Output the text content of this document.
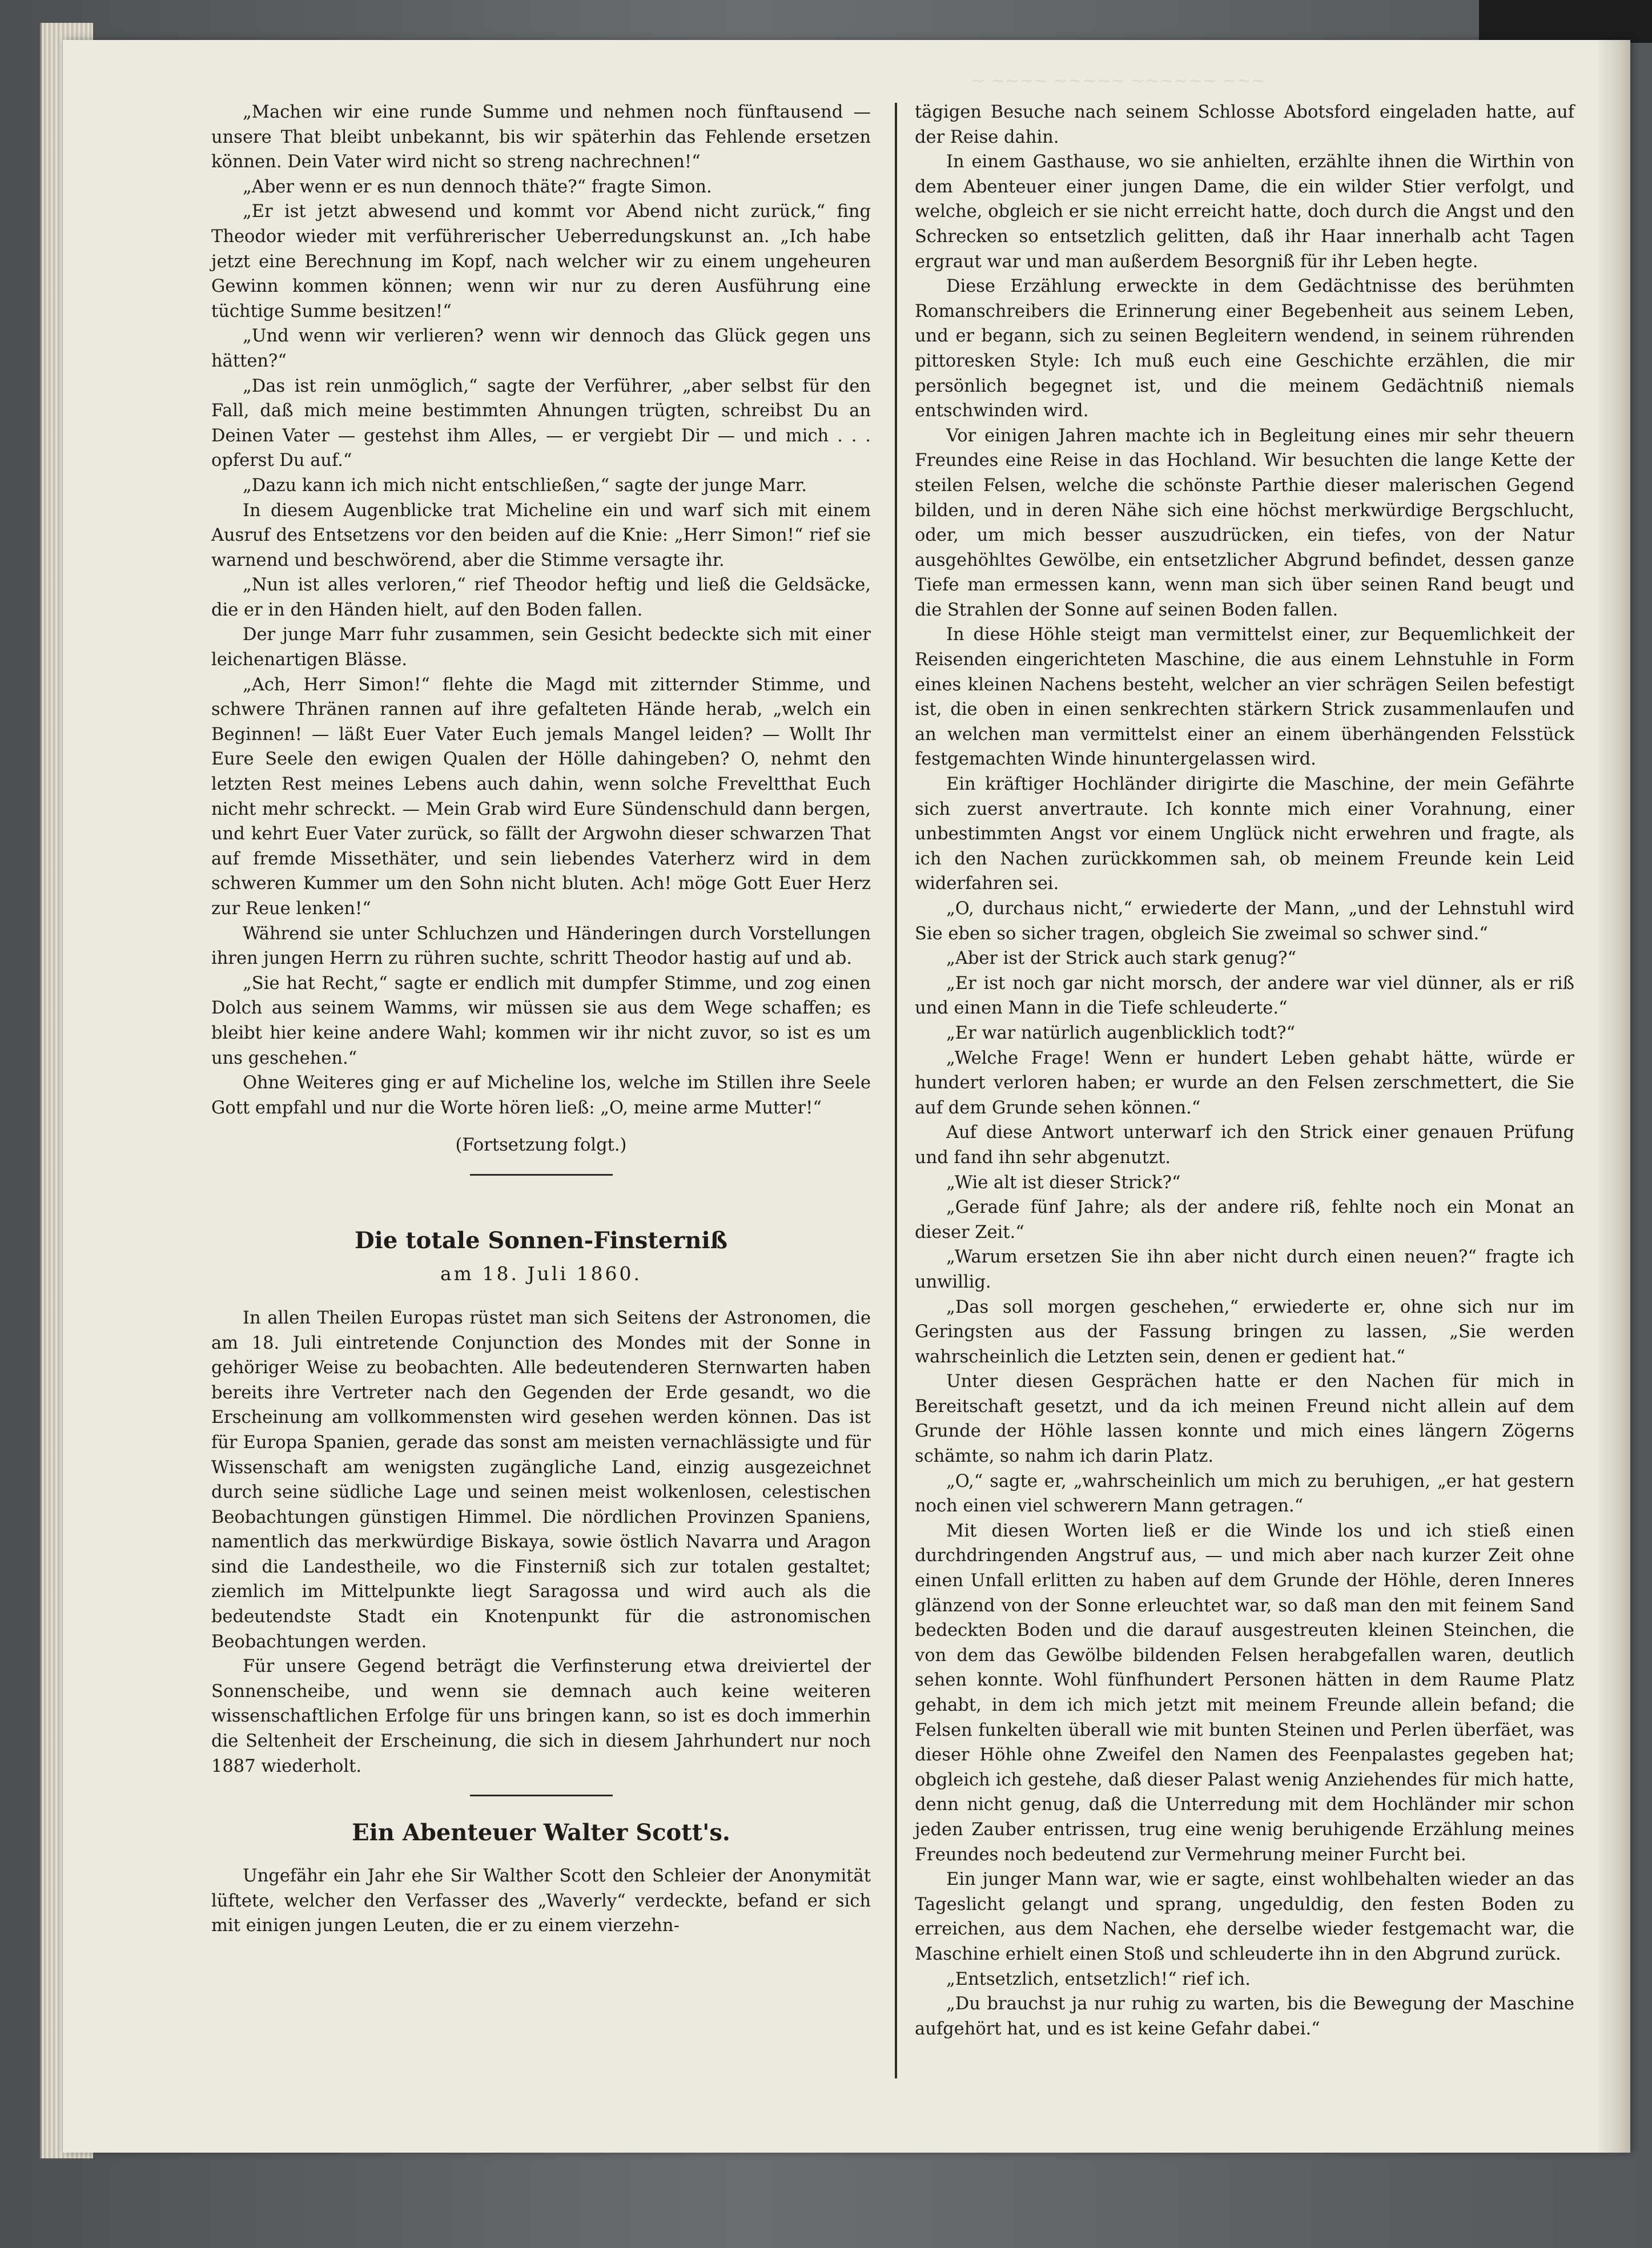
~ ~~~~ ~~~~~ ~~~~~~ ~~~

„Machen wir eine runde Summe und nehmen noch fünftausend — unsere That bleibt unbekannt, bis wir späterhin das Fehlende ersetzen können. Dein Vater wird nicht so streng nachrechnen!“

„Aber wenn er es nun dennoch thäte?“ fragte Simon.

„Er ist jetzt abwesend und kommt vor Abend nicht zurück,“ fing Theodor wieder mit verführerischer Ueberredungskunst an. „Ich habe jetzt eine Berechnung im Kopf, nach welcher wir zu einem ungeheuren Gewinn kommen können; wenn wir nur zu deren Ausführung eine tüchtige Summe besitzen!“

„Und wenn wir verlieren? wenn wir dennoch das Glück gegen uns hätten?“

„Das ist rein unmöglich,“ sagte der Verführer, „aber selbst für den Fall, daß mich meine bestimmten Ahnungen trügten, schreibst Du an Deinen Vater — gestehst ihm Alles, — er vergiebt Dir — und mich . . . opferst Du auf.“

„Dazu kann ich mich nicht entschließen,“ sagte der junge Marr.

In diesem Augenblicke trat Micheline ein und warf sich mit einem Ausruf des Entsetzens vor den beiden auf die Knie: „Herr Simon!“ rief sie warnend und beschwörend, aber die Stimme versagte ihr.

„Nun ist alles verloren,“ rief Theodor heftig und ließ die Geldsäcke, die er in den Händen hielt, auf den Boden fallen.

Der junge Marr fuhr zusammen, sein Gesicht bedeckte sich mit einer leichenartigen Blässe.

„Ach, Herr Simon!“ flehte die Magd mit zitternder Stimme, und schwere Thränen rannen auf ihre gefalteten Hände herab, „welch ein Beginnen! — läßt Euer Vater Euch jemals Mangel leiden? — Wollt Ihr Eure Seele den ewigen Qualen der Hölle dahingeben? O, nehmt den letzten Rest meines Lebens auch dahin, wenn solche Freveltthat Euch nicht mehr schreckt. — Mein Grab wird Eure Sündenschuld dann bergen, und kehrt Euer Vater zurück, so fällt der Argwohn dieser schwarzen That auf fremde Missethäter, und sein liebendes Vaterherz wird in dem schweren Kummer um den Sohn nicht bluten. Ach! möge Gott Euer Herz zur Reue lenken!“

Während sie unter Schluchzen und Händeringen durch Vorstellungen ihren jungen Herrn zu rühren suchte, schritt Theodor hastig auf und ab.

„Sie hat Recht,“ sagte er endlich mit dumpfer Stimme, und zog einen Dolch aus seinem Wamms, wir müssen sie aus dem Wege schaffen; es bleibt hier keine andere Wahl; kommen wir ihr nicht zuvor, so ist es um uns geschehen.“

Ohne Weiteres ging er auf Micheline los, welche im Stillen ihre Seele Gott empfahl und nur die Worte hören ließ: „O, meine arme Mutter!“

(Fortsetzung folgt.)

Die totale Sonnen-Finsterniß

am 18. Juli 1860.

In allen Theilen Europas rüstet man sich Seitens der Astronomen, die am 18. Juli eintretende Conjunction des Mondes mit der Sonne in gehöriger Weise zu beobachten. Alle bedeutenderen Sternwarten haben bereits ihre Vertreter nach den Gegenden der Erde gesandt, wo die Erscheinung am vollkommensten wird gesehen werden können. Das ist für Europa Spanien, gerade das sonst am meisten vernachlässigte und für Wissenschaft am wenigsten zugängliche Land, einzig ausgezeichnet durch seine südliche Lage und seinen meist wolkenlosen, celestischen Beobachtungen günstigen Himmel. Die nördlichen Provinzen Spaniens, namentlich das merkwürdige Biskaya, sowie östlich Navarra und Aragon sind die Landestheile, wo die Finsterniß sich zur totalen gestaltet; ziemlich im Mittelpunkte liegt Saragossa und wird auch als die bedeutendste Stadt ein Knotenpunkt für die astronomischen Beobachtungen werden.

Für unsere Gegend beträgt die Verfinsterung etwa dreiviertel der Sonnenscheibe, und wenn sie demnach auch keine weiteren wissenschaftlichen Erfolge für uns bringen kann, so ist es doch immerhin die Seltenheit der Erscheinung, die sich in diesem Jahrhundert nur noch 1887 wiederholt.

Ein Abenteuer Walter Scott's.

Ungefähr ein Jahr ehe Sir Walther Scott den Schleier der Anonymität lüftete, welcher den Verfasser des „Waverly“ verdeckte, befand er sich mit einigen jungen Leuten, die er zu einem vierzehn-

tägigen Besuche nach seinem Schlosse Abotsford eingeladen hatte, auf der Reise dahin.

In einem Gasthause, wo sie anhielten, erzählte ihnen die Wirthin von dem Abenteuer einer jungen Dame, die ein wilder Stier verfolgt, und welche, obgleich er sie nicht erreicht hatte, doch durch die Angst und den Schrecken so entsetzlich gelitten, daß ihr Haar innerhalb acht Tagen ergraut war und man außerdem Besorgniß für ihr Leben hegte.

Diese Erzählung erweckte in dem Gedächtnisse des berühmten Romanschreibers die Erinnerung einer Begebenheit aus seinem Leben, und er begann, sich zu seinen Begleitern wendend, in seinem rührenden pittoresken Style: Ich muß euch eine Geschichte erzählen, die mir persönlich begegnet ist, und die meinem Gedächtniß niemals entschwinden wird.

Vor einigen Jahren machte ich in Begleitung eines mir sehr theuern Freundes eine Reise in das Hochland. Wir besuchten die lange Kette der steilen Felsen, welche die schönste Parthie dieser malerischen Gegend bilden, und in deren Nähe sich eine höchst merkwürdige Bergschlucht, oder, um mich besser auszudrücken, ein tiefes, von der Natur ausgehöhltes Gewölbe, ein entsetzlicher Abgrund befindet, dessen ganze Tiefe man ermessen kann, wenn man sich über seinen Rand beugt und die Strahlen der Sonne auf seinen Boden fallen.

In diese Höhle steigt man vermittelst einer, zur Bequemlichkeit der Reisenden eingerichteten Maschine, die aus einem Lehnstuhle in Form eines kleinen Nachens besteht, welcher an vier schrägen Seilen befestigt ist, die oben in einen senkrechten stärkern Strick zusammenlaufen und an welchen man vermittelst einer an einem überhängenden Felsstück festgemachten Winde hinuntergelassen wird.

Ein kräftiger Hochländer dirigirte die Maschine, der mein Gefährte sich zuerst anvertraute. Ich konnte mich einer Vorahnung, einer unbestimmten Angst vor einem Unglück nicht erwehren und fragte, als ich den Nachen zurückkommen sah, ob meinem Freunde kein Leid widerfahren sei.

„O, durchaus nicht,“ erwiederte der Mann, „und der Lehnstuhl wird Sie eben so sicher tragen, obgleich Sie zweimal so schwer sind.“

„Aber ist der Strick auch stark genug?“

„Er ist noch gar nicht morsch, der andere war viel dünner, als er riß und einen Mann in die Tiefe schleuderte.“

„Er war natürlich augenblicklich todt?“

„Welche Frage! Wenn er hundert Leben gehabt hätte, würde er hundert verloren haben; er wurde an den Felsen zerschmettert, die Sie auf dem Grunde sehen können.“

Auf diese Antwort unterwarf ich den Strick einer genauen Prüfung und fand ihn sehr abgenutzt.

„Wie alt ist dieser Strick?“

„Gerade fünf Jahre; als der andere riß, fehlte noch ein Monat an dieser Zeit.“

„Warum ersetzen Sie ihn aber nicht durch einen neuen?“ fragte ich unwillig.

„Das soll morgen geschehen,“ erwiederte er, ohne sich nur im Geringsten aus der Fassung bringen zu lassen, „Sie werden wahrscheinlich die Letzten sein, denen er gedient hat.“

Unter diesen Gesprächen hatte er den Nachen für mich in Bereitschaft gesetzt, und da ich meinen Freund nicht allein auf dem Grunde der Höhle lassen konnte und mich eines längern Zögerns schämte, so nahm ich darin Platz.

„O,“ sagte er, „wahrscheinlich um mich zu beruhigen, „er hat gestern noch einen viel schwerern Mann getragen.“

Mit diesen Worten ließ er die Winde los und ich stieß einen durchdringenden Angstruf aus, — und mich aber nach kurzer Zeit ohne einen Unfall erlitten zu haben auf dem Grunde der Höhle, deren Inneres glänzend von der Sonne erleuchtet war, so daß man den mit feinem Sand bedeckten Boden und die darauf ausgestreuten kleinen Steinchen, die von dem das Gewölbe bildenden Felsen herabgefallen waren, deutlich sehen konnte. Wohl fünfhundert Personen hätten in dem Raume Platz gehabt, in dem ich mich jetzt mit meinem Freunde allein befand; die Felsen funkelten überall wie mit bunten Steinen und Perlen überfäet, was dieser Höhle ohne Zweifel den Namen des Feenpalastes gegeben hat; obgleich ich gestehe, daß dieser Palast wenig Anziehendes für mich hatte, denn nicht genug, daß die Unterredung mit dem Hochländer mir schon jeden Zauber entrissen, trug eine wenig beruhigende Erzählung meines Freundes noch bedeutend zur Vermehrung meiner Furcht bei.

Ein junger Mann war, wie er sagte, einst wohlbehalten wieder an das Tageslicht gelangt und sprang, ungeduldig, den festen Boden zu erreichen, aus dem Nachen, ehe derselbe wieder festgemacht war, die Maschine erhielt einen Stoß und schleuderte ihn in den Abgrund zurück.

„Entsetzlich, entsetzlich!“ rief ich.

„Du brauchst ja nur ruhig zu warten, bis die Bewegung der Maschine aufgehört hat, und es ist keine Gefahr dabei.“
